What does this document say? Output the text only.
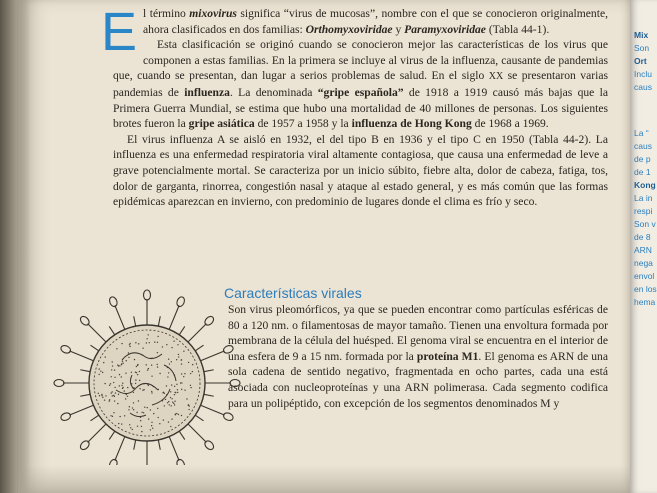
El término mixovirus significa “virus de mucosas”, nombre con el que se conocieron originalmente, ahora clasificados en dos familias: Orthomyxoviridae y Paramyxoviridae (Tabla 44-1).

Esta clasificación se originó cuando se conocieron mejor las características de los virus que componen a estas familias. En la primera se incluye al virus de la influenza, causante de pandemias que, cuando se presentan, dan lugar a serios problemas de salud. En el siglo XX se presentaron varias pandemias de influenza. La denominada “gripe española” de 1918 a 1919 causó más bajas que la Primera Guerra Mundial, se estima que hubo una mortalidad de 40 millones de personas. Los siguientes brotes fueron la gripe asiática de 1957 a 1958 y la influenza de Hong Kong de 1968 a 1969.

El virus influenza A se aisló en 1932, el del tipo B en 1936 y el tipo C en 1950 (Tabla 44-2). La influenza es una enfermedad respiratoria viral altamente contagiosa, que causa una enfermedad de leve a grave potencialmente mortal. Se caracteriza por un inicio súbito, fiebre alta, dolor de cabeza, fatiga, tos, dolor de garganta, rinorrea, congestión nasal y ataque al estado general, y es más común que las formas epidémicas aparezcan en invierno, con predominio de lugares donde el clima es frío y seco.

Características virales
Son virus pleomórficos, ya que se pueden encontrar como partículas esféricas de 80 a 120 nm. o filamentosas de mayor tamaño. Tienen una envoltura formada por membrana de la célula del huésped. El genoma viral se encuentra en el interior de una esfera de 9 a 15 nm. formada por la proteína M1. El genoma es ARN de una sola cadena de sentido negativo, fragmentada en ocho partes, cada una está asociada con nucleoproteínas y una ARN polimerasa. Cada segmento codifica para un polipéptido, con excepción de los segmentos denominados M y
Mix
Son
Ort
Inclu
caus
La “
caus
de p
de 1
Kong
La in
respi
Son v
de 8
ARN
nega
envol
en los
hema
